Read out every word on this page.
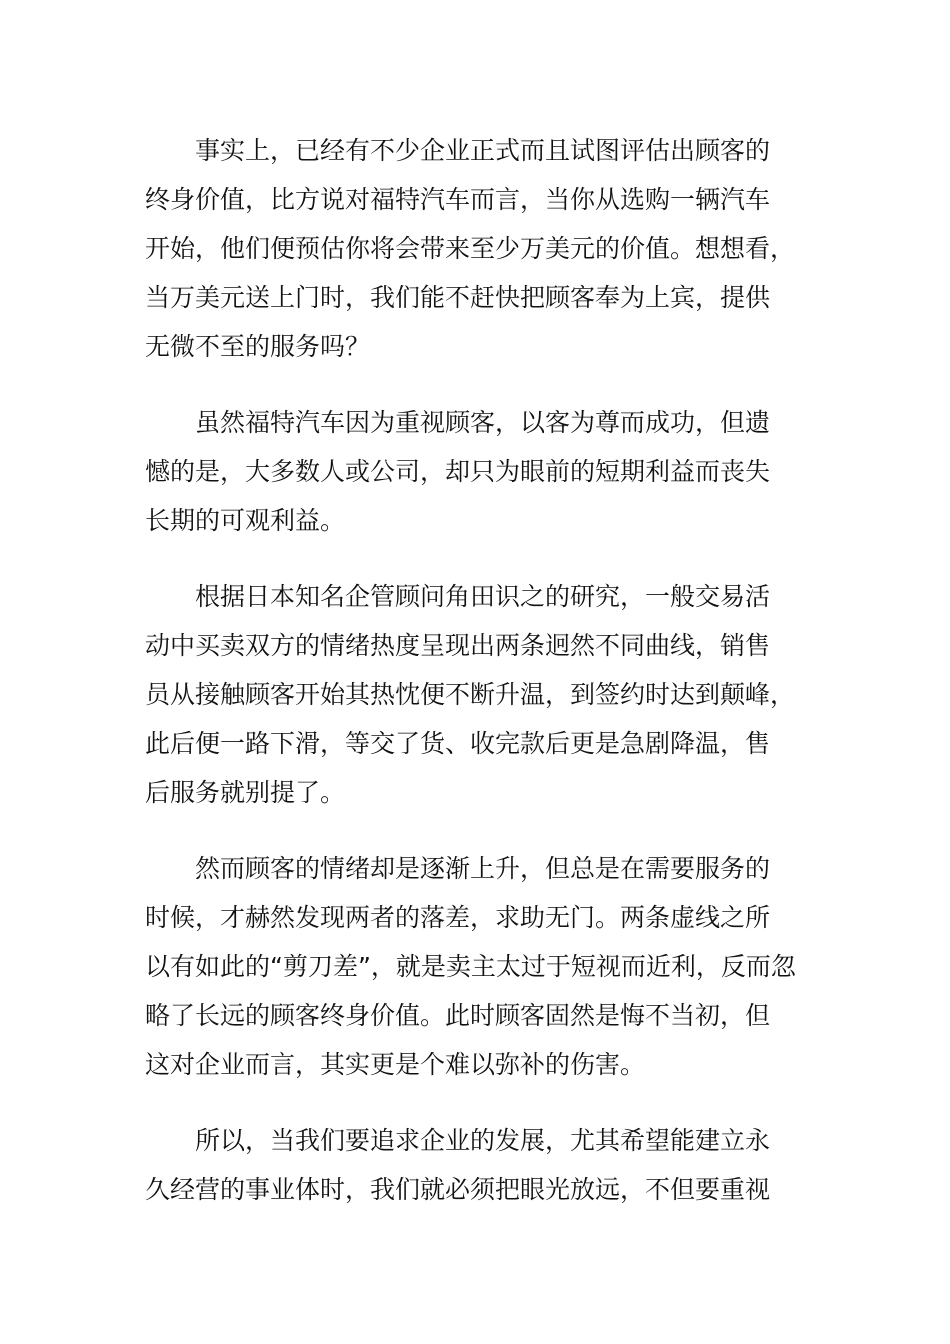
事实上，已经有不少企业正式而且试图评估出顾客的
终身价值，比方说对福特汽车而言，当你从选购一辆汽车
开始，他们便预估你将会带来至少万美元的价值。想想看，
当万美元送上门时，我们能不赶快把顾客奉为上宾，提供
无微不至的服务吗？
虽然福特汽车因为重视顾客，以客为尊而成功，但遗
憾的是，大多数人或公司，却只为眼前的短期利益而丧失
长期的可观利益。
根据日本知名企管顾问角田识之的研究，一般交易活
动中买卖双方的情绪热度呈现出两条迥然不同曲线，销售
员从接触顾客开始其热忱便不断升温，到签约时达到颠峰，
此后便一路下滑，等交了货、收完款后更是急剧降温，售
后服务就别提了。
然而顾客的情绪却是逐渐上升，但总是在需要服务的
时候，才赫然发现两者的落差，求助无门。两条虚线之所
以有如此的“剪刀差”，就是卖主太过于短视而近利，反而忽
略了长远的顾客终身价值。此时顾客固然是悔不当初，但
这对企业而言，其实更是个难以弥补的伤害。
所以，当我们要追求企业的发展，尤其希望能建立永
久经营的事业体时，我们就必须把眼光放远，不但要重视
